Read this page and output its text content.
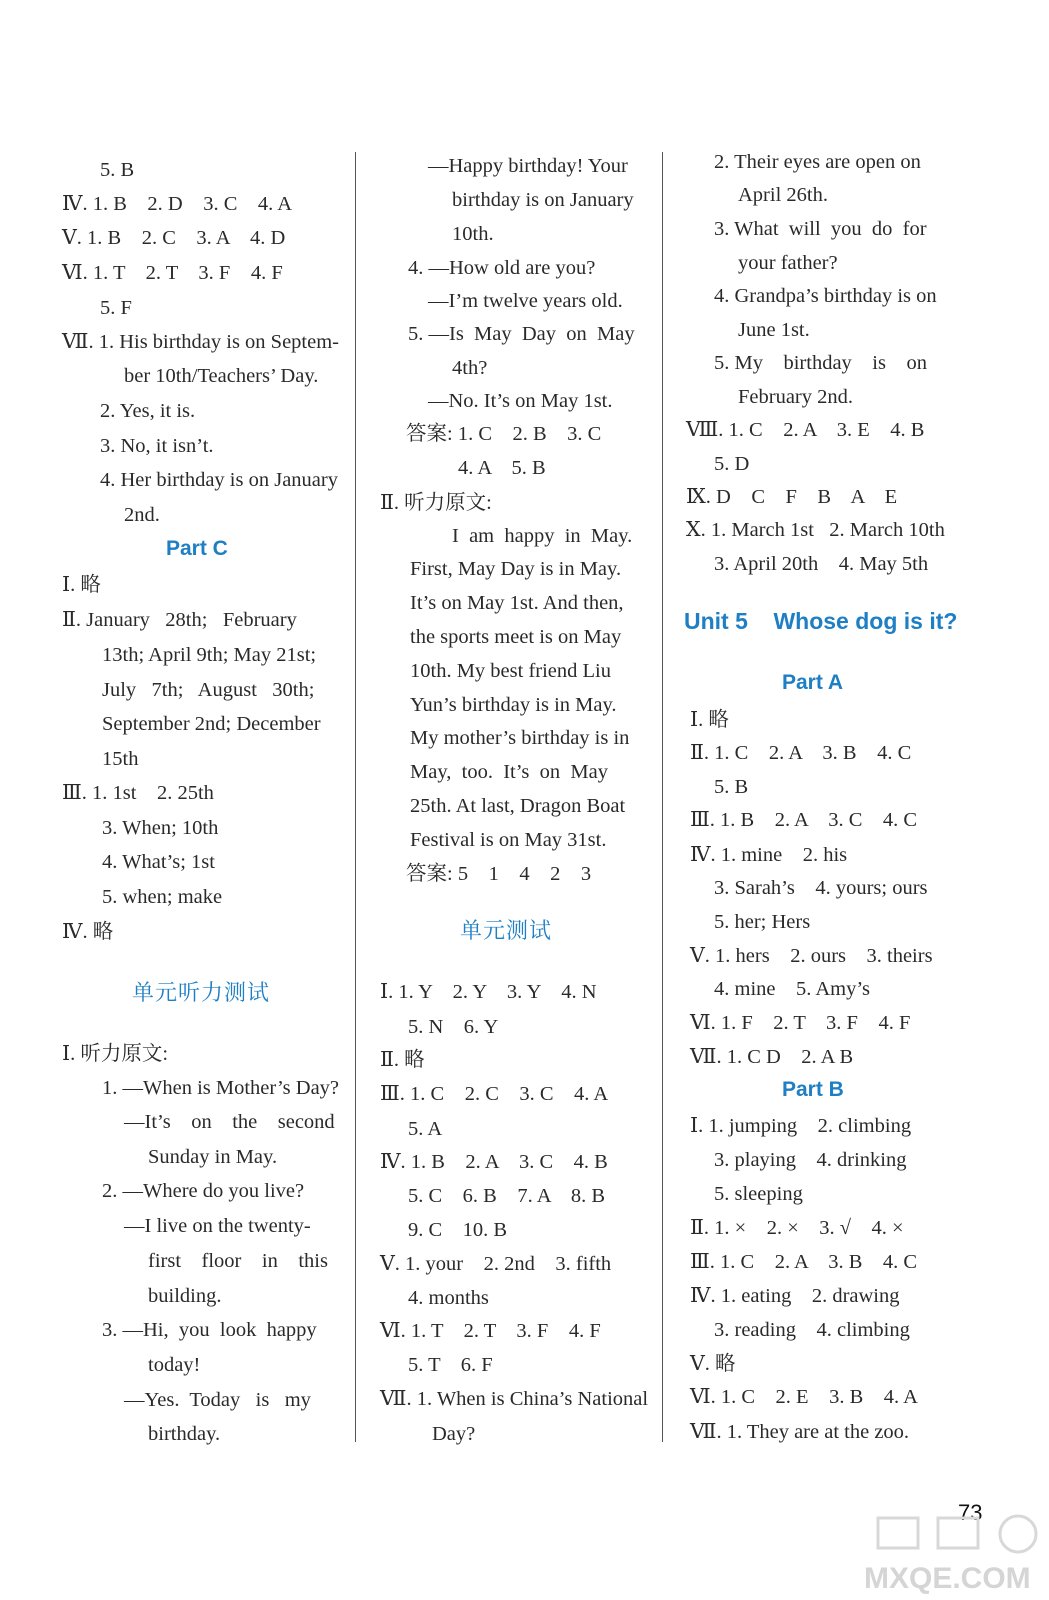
5. B
Ⅳ. 1. B    2. D    3. C    4. A
Ⅴ. 1. B    2. C    3. A    4. D
Ⅵ. 1. T    2. T    3. F    4. F
5. F
Ⅶ. 1. His birthday is on Septem-
ber 10th/Teachers’ Day.
2. Yes, it is.
3. No, it isn’t.
4. Her birthday is on January
2nd.
Part C
Ⅰ. 略
Ⅱ. January   28th;   February
13th; April 9th; May 21st;
July   7th;   August   30th;
September 2nd; December
15th
Ⅲ. 1. 1st    2. 25th
3. When; 10th
4. What’s; 1st
5. when; make
Ⅳ. 略
单元听力测试
Ⅰ. 听力原文:
1. —When is Mother’s Day?
—It’s    on    the    second
Sunday in May.
2. —Where do you live?
—I live on the twenty-
first    floor    in    this
building.
3. —Hi,  you  look  happy
today!
—Yes.  Today   is   my
birthday.
—Happy birthday! Your
birthday is on January
10th.
4. —How old are you?
—I’m twelve years old.
5. —Is  May  Day  on  May
4th?
—No. It’s on May 1st.
答案: 1. C    2. B    3. C
4. A    5. B
Ⅱ. 听力原文:
I  am  happy  in  May.
First, May Day is in May.
It’s on May 1st. And then,
the sports meet is on May
10th. My best friend Liu
Yun’s birthday is in May.
My mother’s birthday is in
May,  too.  It’s  on  May
25th. At last, Dragon Boat
Festival is on May 31st.
答案: 5    1    4    2    3
单元测试
Ⅰ. 1. Y    2. Y    3. Y    4. N
5. N    6. Y
Ⅱ. 略
Ⅲ. 1. C    2. C    3. C    4. A
5. A
Ⅳ. 1. B    2. A    3. C    4. B
5. C    6. B    7. A    8. B
9. C    10. B
Ⅴ. 1. your    2. 2nd    3. fifth
4. months
Ⅵ. 1. T    2. T    3. F    4. F
5. T    6. F
Ⅶ. 1. When is China’s National
Day?
2. Their eyes are open on
April 26th.
3. What  will  you  do  for
your father?
4. Grandpa’s birthday is on
June 1st.
5. My    birthday    is    on
February 2nd.
Ⅷ. 1. C    2. A    3. E    4. B
5. D
Ⅸ. D    C    F    B    A    E
Ⅹ. 1. March 1st   2. March 10th
3. April 20th    4. May 5th
Unit 5    Whose dog is it?
Part A
Ⅰ. 略
Ⅱ. 1. C    2. A    3. B    4. C
5. B
Ⅲ. 1. B    2. A    3. C    4. C
Ⅳ. 1. mine    2. his
3. Sarah’s    4. yours; ours
5. her; Hers
Ⅴ. 1. hers    2. ours    3. theirs
4. mine    5. Amy’s
Ⅵ. 1. F    2. T    3. F    4. F
Ⅶ. 1. C D    2. A B
Part B
Ⅰ. 1. jumping    2. climbing
3. playing    4. drinking
5. sleeping
Ⅱ. 1. ×    2. ×    3. √    4. ×
Ⅲ. 1. C    2. A    3. B    4. C
Ⅳ. 1. eating    2. drawing
3. reading    4. climbing
Ⅴ. 略
Ⅵ. 1. C    2. E    3. B    4. A
Ⅶ. 1. They are at the zoo.
73
MXQE.COM
